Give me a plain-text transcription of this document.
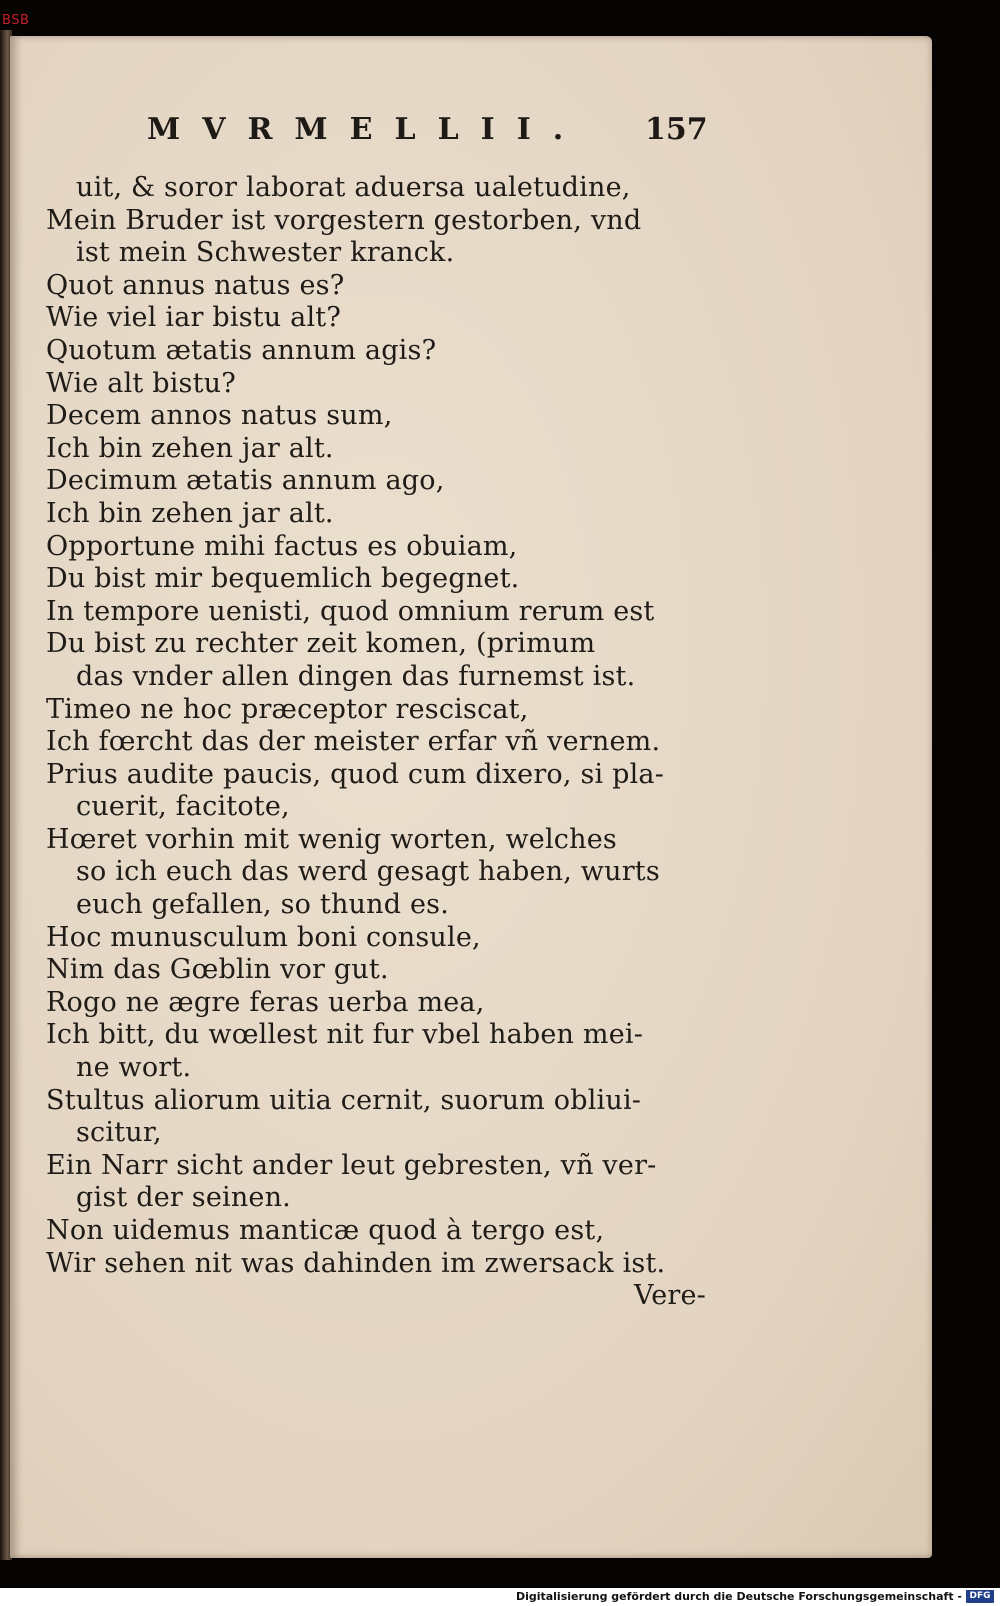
BSB
MVRMELLII. 157
uit, & soror laborat aduersa ualetudine,
Mein Bruder ist vorgestern gestorben, vnd
ist mein Schwester kranck.
Quot annus natus es?
Wie viel iar bistu alt?
Quotum ætatis annum agis?
Wie alt bistu?
Decem annos natus sum,
Ich bin zehen jar alt.
Decimum ætatis annum ago,
Ich bin zehen jar alt.
Opportune mihi factus es obuiam,
Du bist mir bequemlich begegnet.
In tempore uenisti, quod omnium rerum est
Du bist zu rechter zeit komen, (primum
das vnder allen dingen das furnemst ist.
Timeo ne hoc præceptor resciscat,
Ich fœrcht das der meister erfar vñ vernem.
Prius audite paucis, quod cum dixero, si pla-
cuerit, facitote,
Hœret vorhin mit wenig worten, welches
so ich euch das werd gesagt haben, wurts
euch gefallen, so thund es.
Hoc munusculum boni consule,
Nim das Gœblin vor gut.
Rogo ne ægre feras uerba mea,
Ich bitt, du wœllest nit fur vbel haben mei-
ne wort.
Stultus aliorum uitia cernit, suorum obliui-
scitur,
Ein Narr sicht ander leut gebresten, vñ ver-
gist der seinen.
Non uidemus manticæ quod à tergo est,
Wir sehen nit was dahinden im zwersack ist.
Vere-
Digitalisierung gefördert durch die Deutsche Forschungsgemeinschaft - DFG
